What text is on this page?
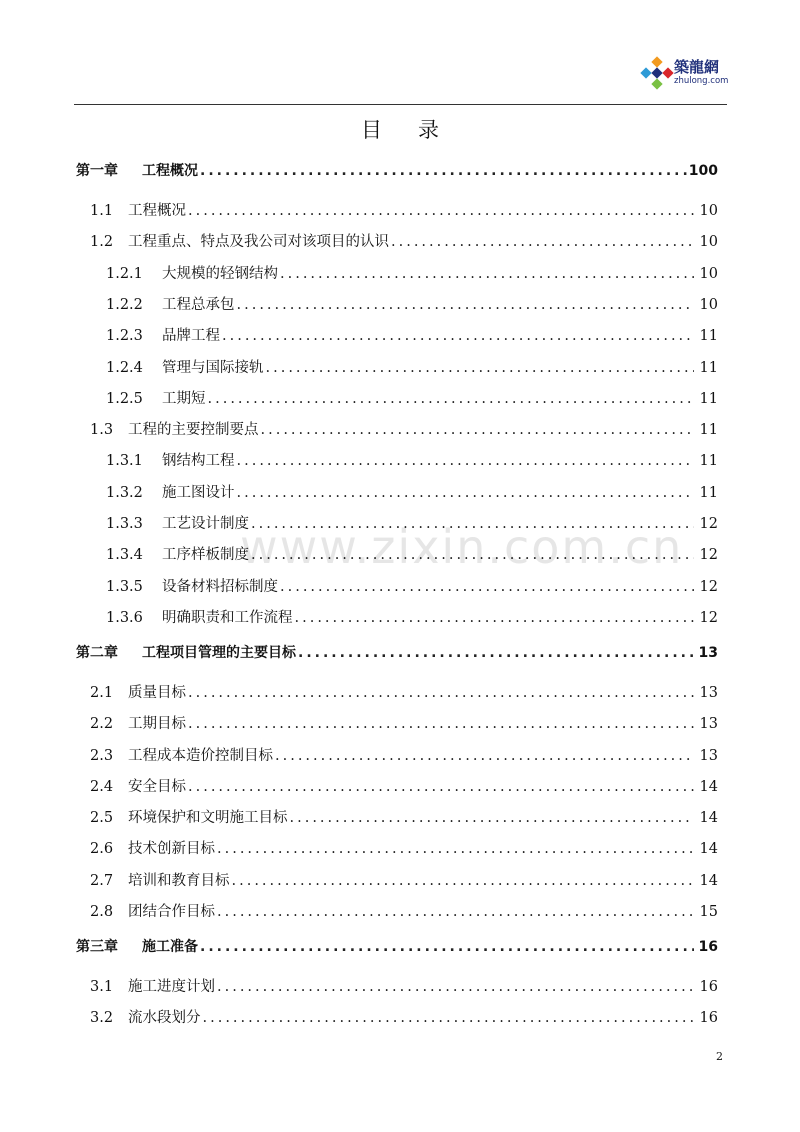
築龍網
zhulong.com
目录
www.zixin.com.cn
第一章	工程概况 .....	100
1.1	工程概况 .....	10
1.2	工程重点、特点及我公司对该项目的认识 .....	10
1.2.1	大规模的轻钢结构 .....	10
1.2.2	工程总承包 .....	10
1.2.3	品牌工程 .....	11
1.2.4	管理与国际接轨 .....	11
1.2.5	工期短 .....	11
1.3	工程的主要控制要点 .....	11
1.3.1	钢结构工程 .....	11
1.3.2	施工图设计 .....	11
1.3.3	工艺设计制度 .....	12
1.3.4	工序样板制度 .....	12
1.3.5	设备材料招标制度 .....	12
1.3.6	明确职责和工作流程 .....	12
第二章	工程项目管理的主要目标 .....	13
2.1	质量目标 .....	13
2.2	工期目标 .....	13
2.3	工程成本造价控制目标 .....	13
2.4	安全目标 .....	14
2.5	环境保护和文明施工目标 .....	14
2.6	技术创新目标 .....	14
2.7	培训和教育目标 .....	14
2.8	团结合作目标 .....	15
第三章	施工准备 .....	16
3.1	施工进度计划 .....	16
3.2	流水段划分 .....	16
2
